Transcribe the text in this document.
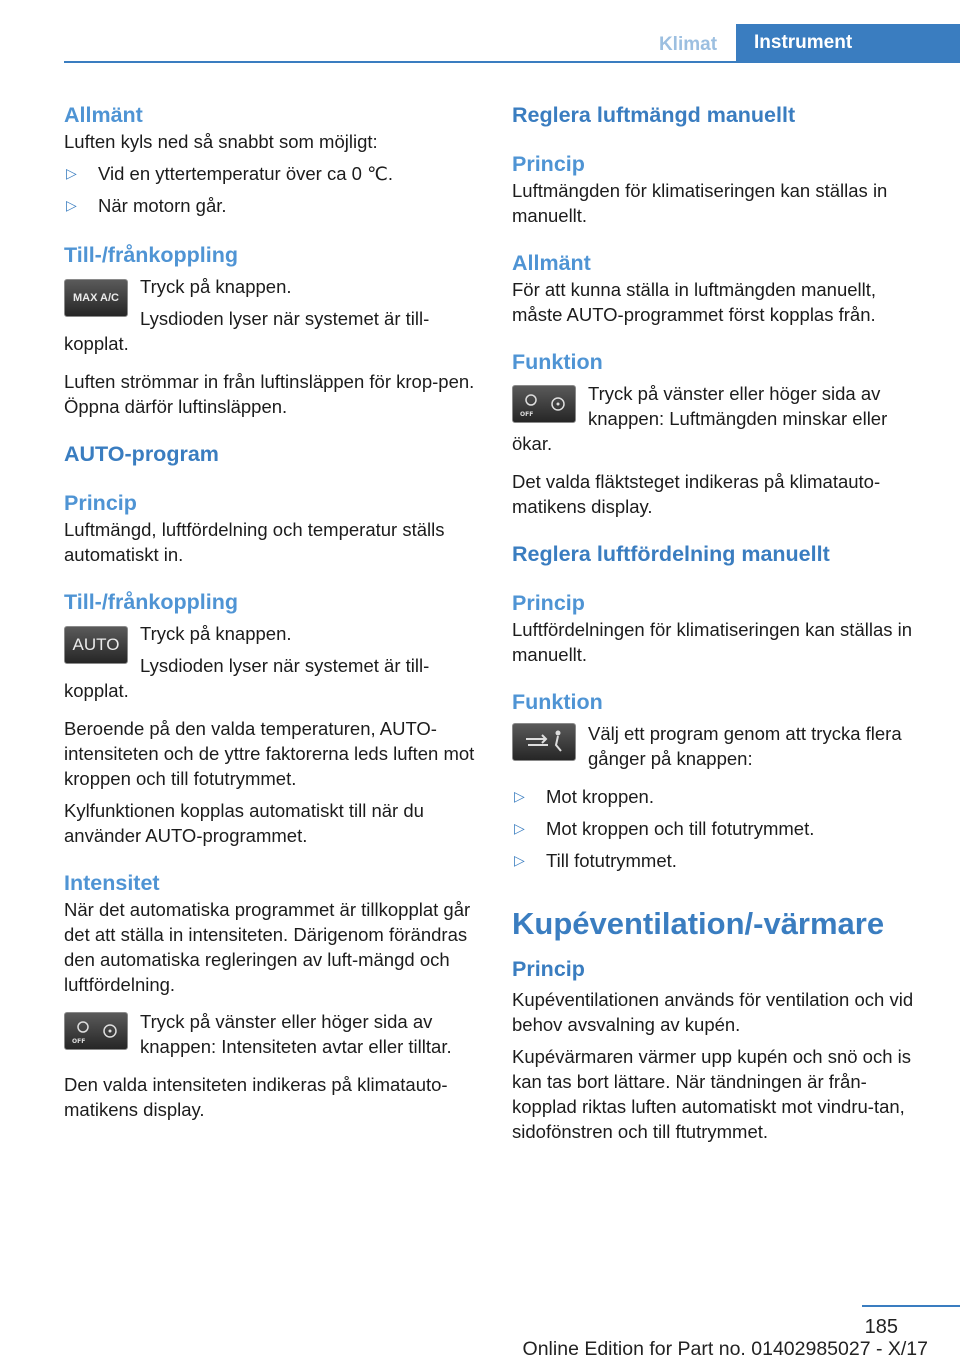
Klimat	Instrument

Allmänt

Luften kyls ned så snabbt som möjligt:

▷ Vid en yttertemperatur över ca 0 ℃.
▷ När motorn går.

Till-/frånkoppling

MAX A/C

Tryck på knappen.

Lysdioden lyser när systemet är till-

kopplat.

Luften strömmar in från luftinsläppen för krop-pen. Öppna därför luftinsläppen.

AUTO-program

Princip

Luftmängd, luftfördelning och temperatur ställs automatiskt in.

Till-/frånkoppling

AUTO

Tryck på knappen.

Lysdioden lyser när systemet är till-

kopplat.

Beroende på den valda temperaturen, AUTO-intensiteten och de yttre faktorerna leds luften mot kroppen och till fotutrymmet.

Kylfunktionen kopplas automatiskt till när du använder AUTO-programmet.

Intensitet

När det automatiska programmet är tillkopplat går det att ställa in intensiteten. Därigenom förändras den automatiska regleringen av luft-mängd och luftfördelning.

OFF

Tryck på vänster eller höger sida av knappen: Intensiteten avtar eller tilltar.

Den valda intensiteten indikeras på klimatauto-matikens display.

Reglera luftmängd manuellt

Princip

Luftmängden för klimatiseringen kan ställas in manuellt.

Allmänt

För att kunna ställa in luftmängden manuellt, måste AUTO-programmet först kopplas från.

Funktion

OFF

Tryck på vänster eller höger sida av

knappen: Luftmängden minskar eller

ökar.

Det valda fläktsteget indikeras på klimatauto-matikens display.

Reglera luftfördelning manuellt

Princip

Luftfördelningen för klimatiseringen kan ställas in manuellt.

Funktion

Välj ett program genom att trycka flera gånger på knappen:

▷ Mot kroppen.
▷ Mot kroppen och till fotutrymmet.
▷ Till fotutrymmet.

Kupéventilation/-värmare

Princip

Kupéventilationen används för ventilation och vid behov avsvalning av kupén.

Kupévärmaren värmer upp kupén och snö och is kan tas bort lättare. När tändningen är från-kopplad riktas luften automatiskt mot vindru-tan, sidofönstren och till ftutrymmet.

185
Online Edition for Part no. 01402985027 - X/17
